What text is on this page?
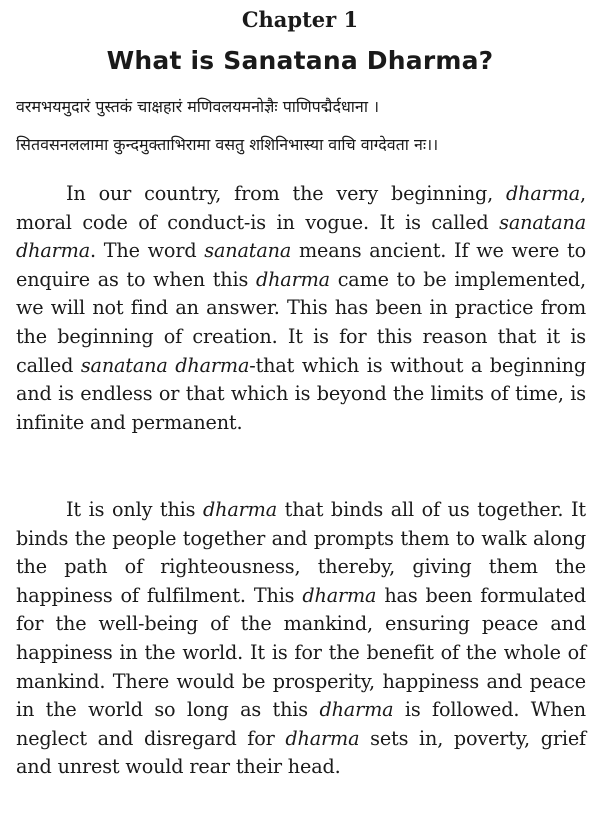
Chapter 1
What is Sanatana Dharma?
वरमभयमुदारं पुस्तकं चाक्षहारं मणिवलयमनोज्ञैः पाणिपद्मैर्दधाना ।
सितवसनललामा कुन्दमुक्ताभिरामा वसतु शशिनिभास्या वाचि वाग्देवता नः।।

In our country, from the very beginning, dharma, moral code of conduct-is in vogue. It is called sanatana dharma. The word sanatana means ancient. If we were to enquire as to when this dharma came to be implemented, we will not find an answer. This has been in practice from the beginning of creation. It is for this reason that it is called sanatana dharma-that which is without a beginning and is endless or that which is beyond the limits of time, is infinite and permanent.

It is only this dharma that binds all of us together. It binds the people together and prompts them to walk along the path of righteousness, thereby, giving them the happiness of fulfilment. This dharma has been formulated for the well-being of the mankind, ensuring peace and happiness in the world. It is for the benefit of the whole of mankind. There would be prosperity, happiness and peace in the world so long as this dharma is followed. When neglect and disregard for dharma sets in, poverty, grief and unrest would rear their head.
